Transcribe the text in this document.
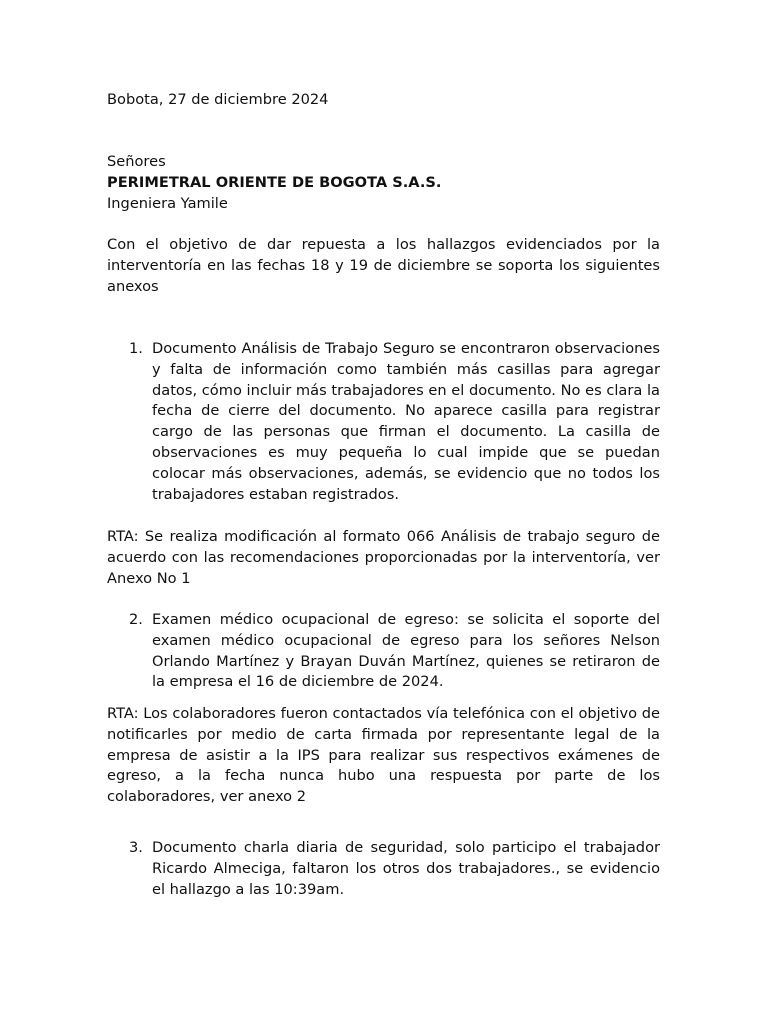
Bobota, 27 de diciembre 2024

Señores

PERIMETRAL ORIENTE DE BOGOTA S.A.S.

Ingeniera Yamile

Con el objetivo de dar repuesta a los hallazgos evidenciados por la interventoría en las fechas 18 y 19 de diciembre se soporta los siguientes anexos

1. Documento Análisis de Trabajo Seguro se encontraron observaciones y falta de información como también más casillas para agregar datos, cómo incluir más trabajadores en el documento. No es clara la fecha de cierre del documento. No aparece casilla para registrar cargo de las personas que firman el documento. La casilla de observaciones es muy pequeña lo cual impide que se puedan colocar más observaciones, además, se evidencio que no todos los trabajadores estaban registrados.

RTA: Se realiza modificación al formato 066 Análisis de trabajo seguro de acuerdo con las recomendaciones proporcionadas por la interventoría, ver Anexo No 1

2. Examen médico ocupacional de egreso: se solicita el soporte del examen médico ocupacional de egreso para los señores Nelson Orlando Martínez y Brayan Duván Martínez, quienes se retiraron de la empresa el 16 de diciembre de 2024.

RTA: Los colaboradores fueron contactados vía telefónica con el objetivo de notificarles por medio de carta firmada por representante legal de la empresa de asistir a la IPS para realizar sus respectivos exámenes de egreso, a la fecha nunca hubo una respuesta por parte de los colaboradores, ver anexo 2

3. Documento charla diaria de seguridad, solo participo el trabajador Ricardo Almeciga, faltaron los otros dos trabajadores., se evidencio el hallazgo a las 10:39am.
